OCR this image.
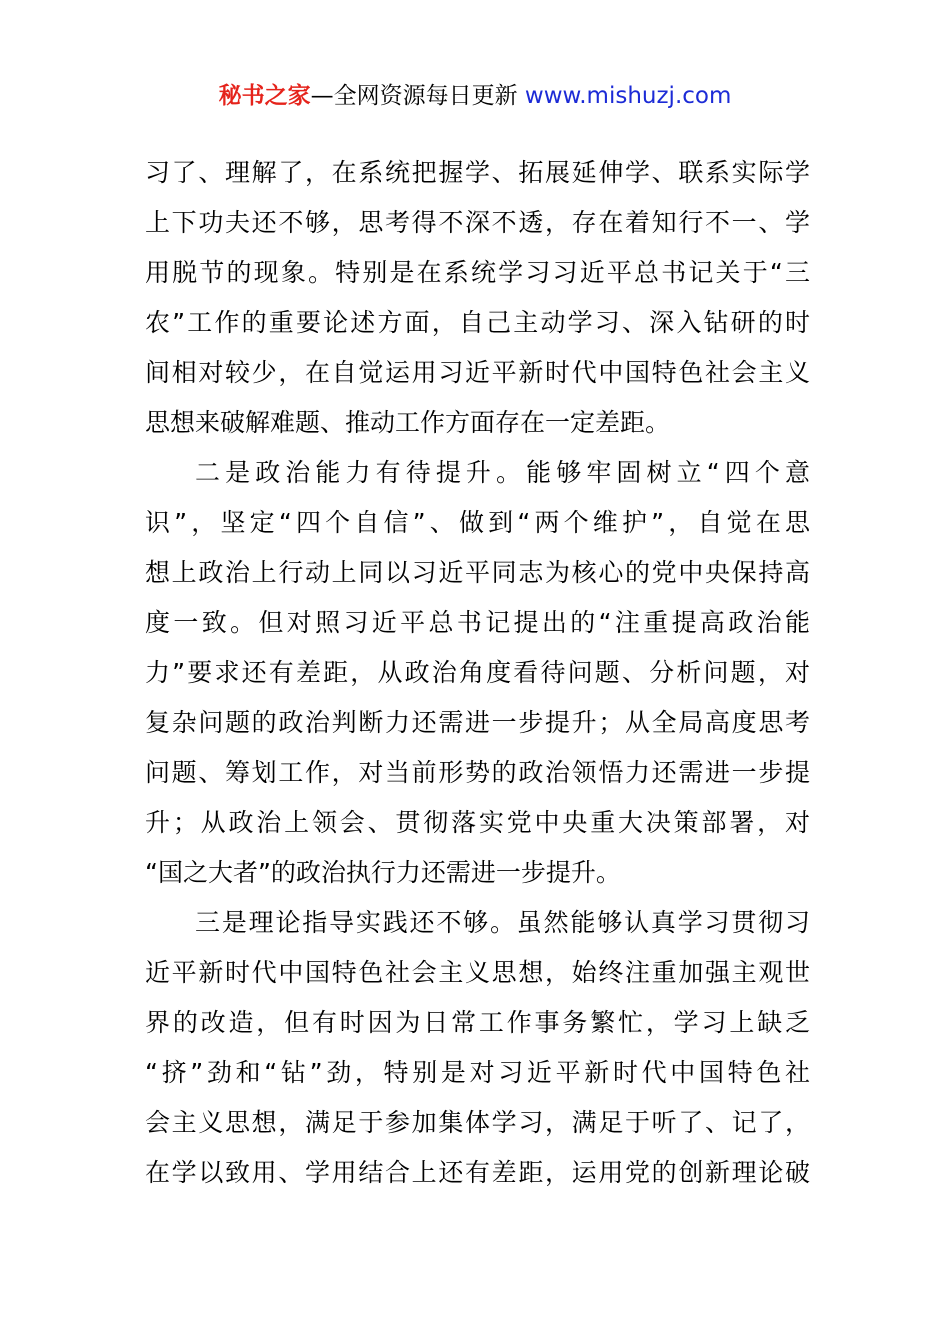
秘书之家—全网资源每日更新 www.mishuzj.com
习了、理解了，在系统把握学、拓展延伸学、联系实际学
上下功夫还不够，思考得不深不透，存在着知行不一、学
用脱节的现象。特别是在系统学习习近平总书记关于“三
农”工作的重要论述方面，自己主动学习、深入钻研的时
间相对较少，在自觉运用习近平新时代中国特色社会主义
思想来破解难题、推动工作方面存在一定差距。
二是政治能力有待提升。能够牢固树立“四个意
识”，坚定“四个自信”、做到“两个维护”，自觉在思
想上政治上行动上同以习近平同志为核心的党中央保持高
度一致。但对照习近平总书记提出的“注重提高政治能
力”要求还有差距，从政治角度看待问题、分析问题，对
复杂问题的政治判断力还需进一步提升；从全局高度思考
问题、筹划工作，对当前形势的政治领悟力还需进一步提
升；从政治上领会、贯彻落实党中央重大决策部署，对
“国之大者”的政治执行力还需进一步提升。
三是理论指导实践还不够。虽然能够认真学习贯彻习
近平新时代中国特色社会主义思想，始终注重加强主观世
界的改造，但有时因为日常工作事务繁忙，学习上缺乏
“挤”劲和“钻”劲，特别是对习近平新时代中国特色社
会主义思想，满足于参加集体学习，满足于听了、记了，
在学以致用、学用结合上还有差距，运用党的创新理论破
